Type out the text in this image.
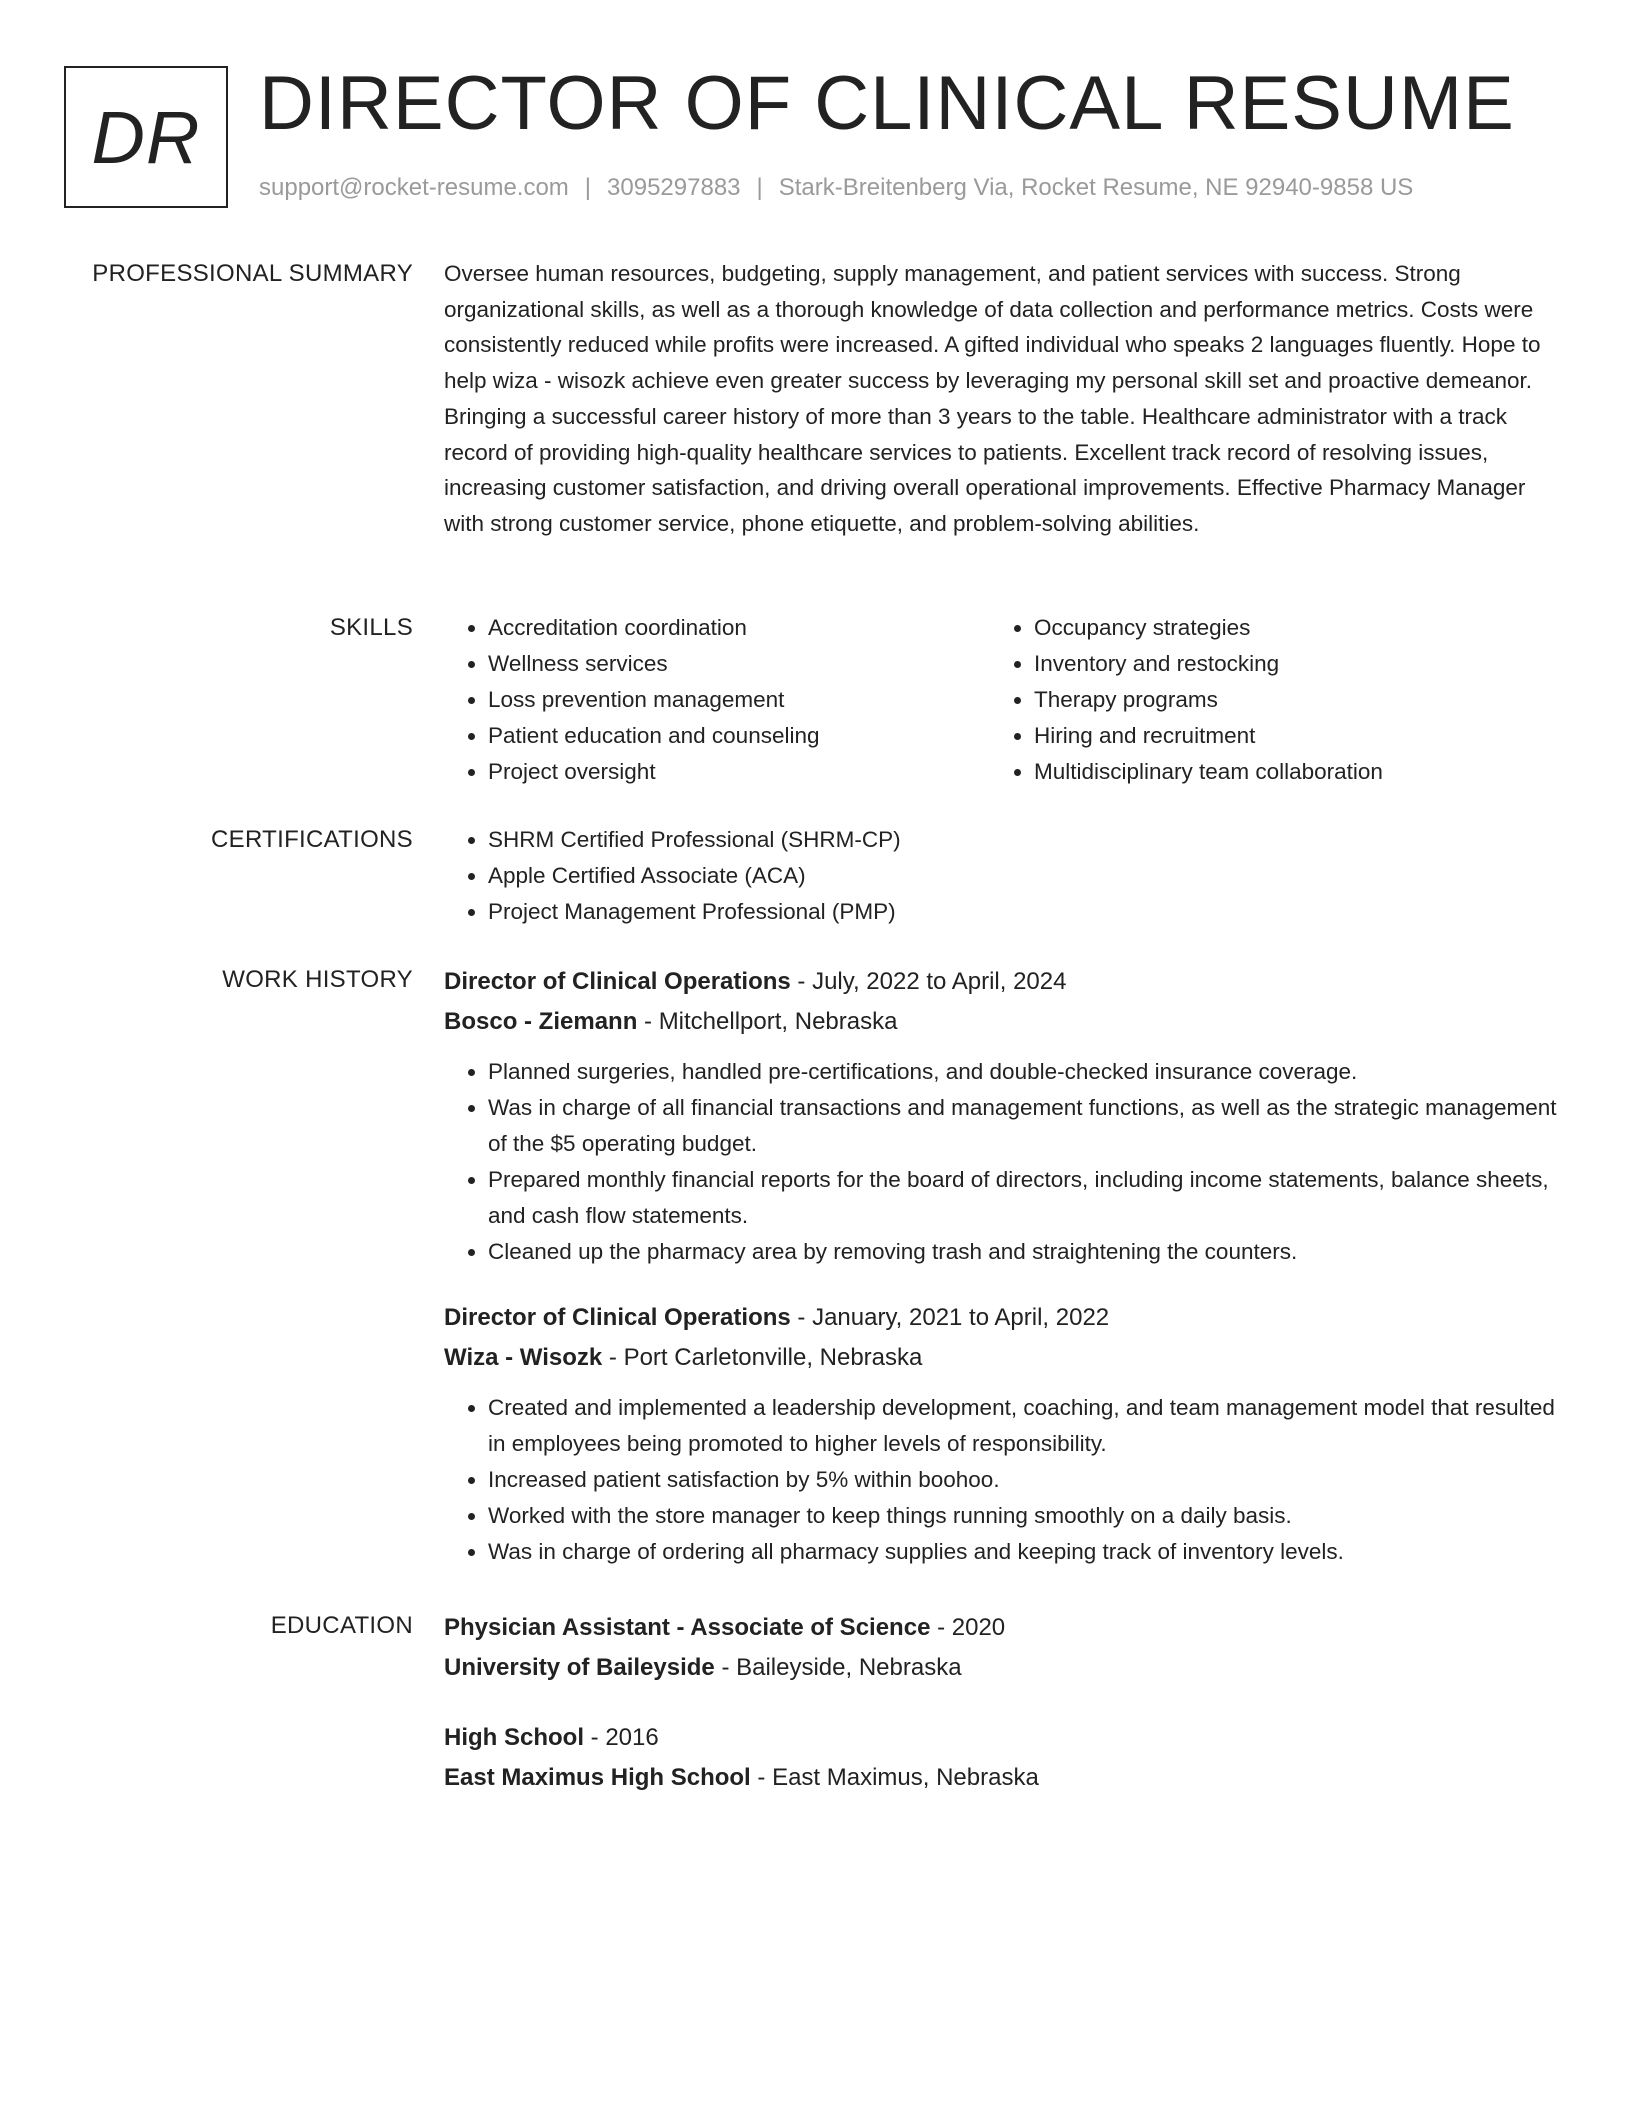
DR DIRECTOR OF CLINICAL RESUME
support@rocket-resume.com | 3095297883 | Stark-Breitenberg Via, Rocket Resume, NE 92940-9858 US
PROFESSIONAL SUMMARY Oversee human resources, budgeting, supply management, and patient services with success. Strong organizational skills, as well as a thorough knowledge of data collection and performance metrics. Costs were consistently reduced while profits were increased. A gifted individual who speaks 2 languages fluently. Hope to help wiza - wisozk achieve even greater success by leveraging my personal skill set and proactive demeanor. Bringing a successful career history of more than 3 years to the table. Healthcare administrator with a track record of providing high-quality healthcare services to patients. Excellent track record of resolving issues, increasing customer satisfaction, and driving overall operational improvements. Effective Pharmacy Manager with strong customer service, phone etiquette, and problem-solving abilities.
SKILLS	• Accreditation coordination
• Wellness services
• Loss prevention management
• Patient education and counseling
• Project oversight
• Occupancy strategies
• Inventory and restocking
• Therapy programs
• Hiring and recruitment
• Multidisciplinary team collaboration
CERTIFICATIONS	• SHRM Certified Professional (SHRM-CP)
• Apple Certified Associate (ACA)
• Project Management Professional (PMP)
WORK HISTORY Director of Clinical Operations - July, 2022 to April, 2024
Bosco - Ziemann - Mitchellport, Nebraska
• Planned surgeries, handled pre-certifications, and double-checked insurance coverage.
• Was in charge of all financial transactions and management functions, as well as the strategic management of the $5 operating budget.
• Prepared monthly financial reports for the board of directors, including income statements, balance sheets, and cash flow statements.
• Cleaned up the pharmacy area by removing trash and straightening the counters.
Director of Clinical Operations - January, 2021 to April, 2022
Wiza - Wisozk - Port Carletonville, Nebraska
• Created and implemented a leadership development, coaching, and team management model that resulted in employees being promoted to higher levels of responsibility.
• Increased patient satisfaction by 5% within boohoo.
• Worked with the store manager to keep things running smoothly on a daily basis.
• Was in charge of ordering all pharmacy supplies and keeping track of inventory levels.
EDUCATION Physician Assistant - Associate of Science - 2020
University of Baileyside - Baileyside, Nebraska
High School - 2016
East Maximus High School - East Maximus, Nebraska
